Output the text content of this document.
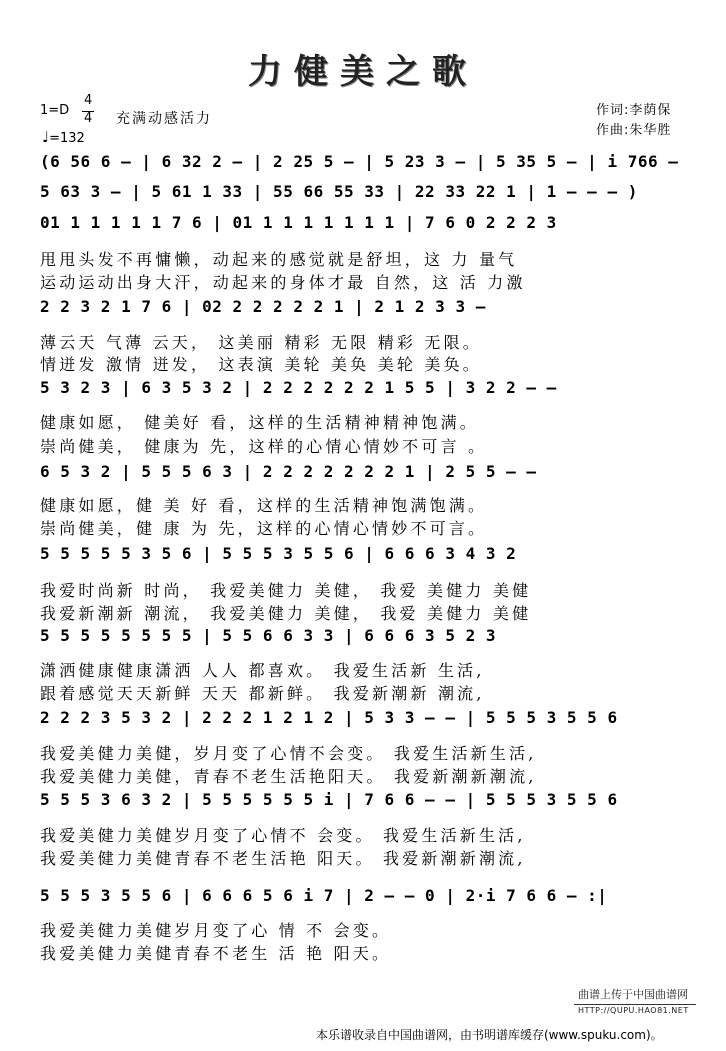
力健美之歌
1=D
4
4
♩=132
充满动感活力
作词:李荫保
作曲:朱华胜
(6 56 6 – | 6 32 2 – | 2 25 5 – | 5 23 3 – | 5 35 5 – | i 766 –
5 63 3 – | 5 61 1 33 | 55 66 55 33 | 22 33 22 1 | 1 – – – )
01 1 1 1 1 1 7 6 | 01 1 1 1 1 1 1 1 | 7 6 0 2 2 2 3
甩甩头发不再慵懒，动起来的感觉就是舒坦，这 力 量气
运动运动出身大汗，动起来的身体才最 自然，这 活 力激
2 2 3 2 1 7 6 | 02 2 2 2 2 2 1 | 2 1 2 3 3 –
薄云天 气薄 云天， 这美丽 精彩 无限 精彩 无限。
情迸发 激情 迸发， 这表演 美轮 美奂 美轮 美奂。
5 3 2 3 | 6 3 5 3 2 | 2 2 2 2 2 2 1 5 5 | 3 2 2 – –
健康如愿， 健美好 看，这样的生活精神精神饱满。
崇尚健美， 健康为 先，这样的心情心情妙不可言 。
6 5 3 2 | 5 5 5 6 3 | 2 2 2 2 2 2 2 1 | 2 5 5 – –
健康如愿，健 美 好 看，这样的生活精神饱满饱满。
崇尚健美，健 康 为 先，这样的心情心情妙不可言。
5 5 5 5 5 3 5 6 | 5 5 5 3 5 5 6 | 6 6 6 3 4 3 2
我爱时尚新 时尚， 我爱美健力 美健， 我爱 美健力 美健
我爱新潮新 潮流， 我爱美健力 美健， 我爱 美健力 美健
5 5 5 5 5 5 5 5 | 5 5 6 6 3 3 | 6 6 6 3 5 2 3
潇洒健康健康潇洒 人人 都喜欢。 我爱生活新 生活,
跟着感觉天天新鲜 天天 都新鲜。 我爱新潮新 潮流,
2 2 2 3 5 3 2 | 2 2 2 1 2 1 2 | 5 3 3 – – | 5 5 5 3 5 5 6
我爱美健力美健，岁月变了心情不会变。 我爱生活新生活,
我爱美健力美健，青春不老生活艳阳天。 我爱新潮新潮流,
5 5 5 3 6 3 2 | 5 5 5 5 5 5 i | 7 6 6 – – | 5 5 5 3 5 5 6
我爱美健力美健岁月变了心情不 会变。 我爱生活新生活,
我爱美健力美健青春不老生活艳 阳天。 我爱新潮新潮流,
5 5 5 3 5 5 6 | 6 6 6 5 6 i 7 | 2 – – 0 | 2·i 7 6 6 – :|
我爱美健力美健岁月变了心 情 不 会变。
我爱美健力美健青春不老生 活 艳 阳天。
曲谱上传于中国曲谱网
HTTP://QUPU.HAO81.NET
本乐谱收录自中国曲谱网，由书明谱库缓存(www.spuku.com)。
